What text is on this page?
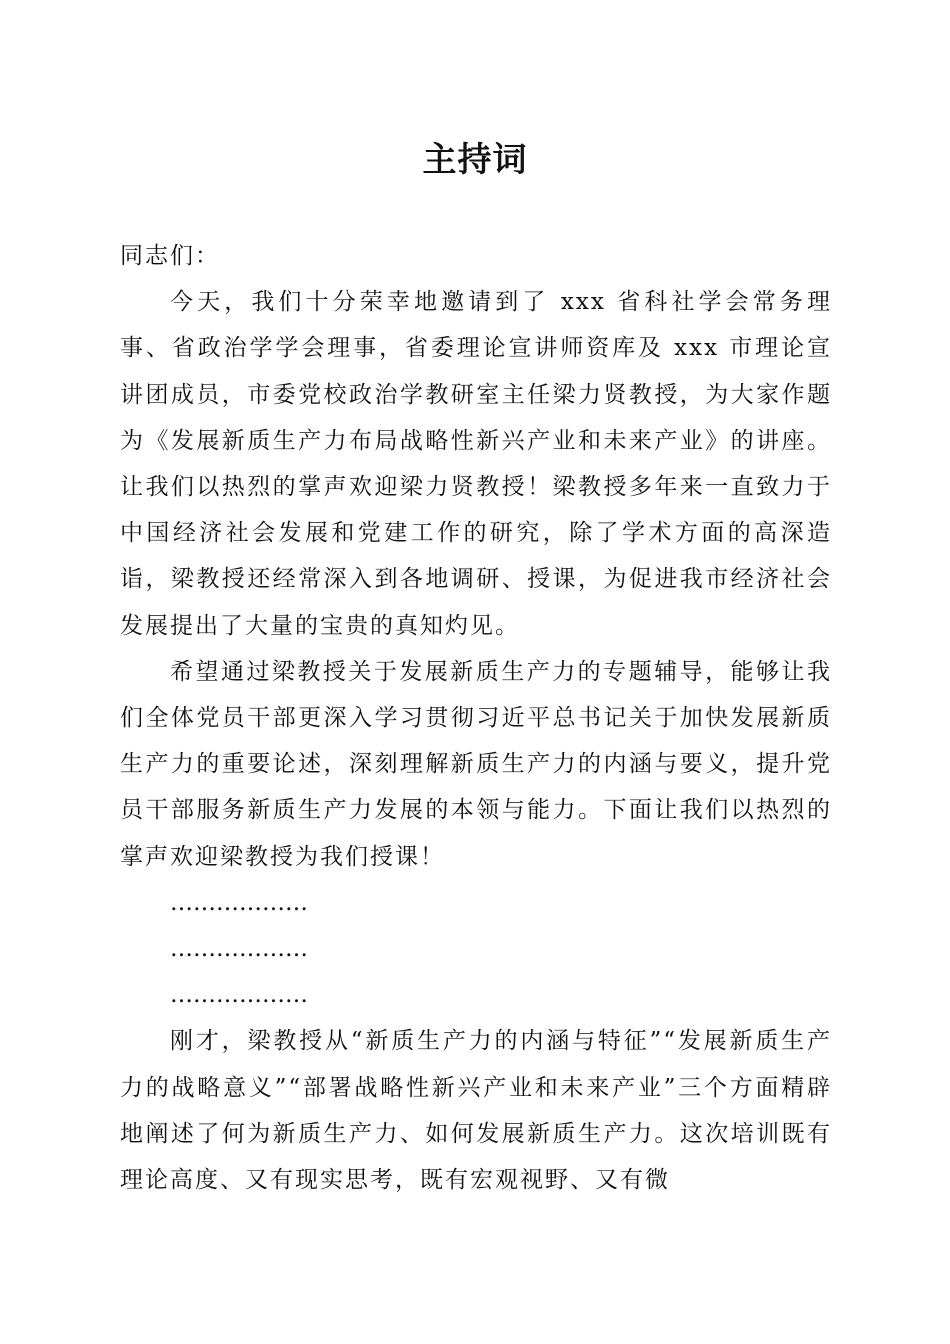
主持词

同志们：

今天，我们十分荣幸地邀请到了 xxx 省科社学会常务理事、省政治学学会理事，省委理论宣讲师资库及 xxx 市理论宣讲团成员，市委党校政治学教研室主任梁力贤教授，为大家作题为《发展新质生产力布局战略性新兴产业和未来产业》的讲座。让我们以热烈的掌声欢迎梁力贤教授！梁教授多年来一直致力于中国经济社会发展和党建工作的研究，除了学术方面的高深造诣，梁教授还经常深入到各地调研、授课，为促进我市经济社会发展提出了大量的宝贵的真知灼见。

希望通过梁教授关于发展新质生产力的专题辅导，能够让我们全体党员干部更深入学习贯彻习近平总书记关于加快发展新质生产力的重要论述，深刻理解新质生产力的内涵与要义，提升党员干部服务新质生产力发展的本领与能力。下面让我们以热烈的掌声欢迎梁教授为我们授课！

………………

………………

………………

刚才，梁教授从“新质生产力的内涵与特征”“发展新质生产力的战略意义”“部署战略性新兴产业和未来产业”三个方面精辟地阐述了何为新质生产力、如何发展新质生产力。这次培训既有理论高度、又有现实思考，既有宏观视野、又有微
